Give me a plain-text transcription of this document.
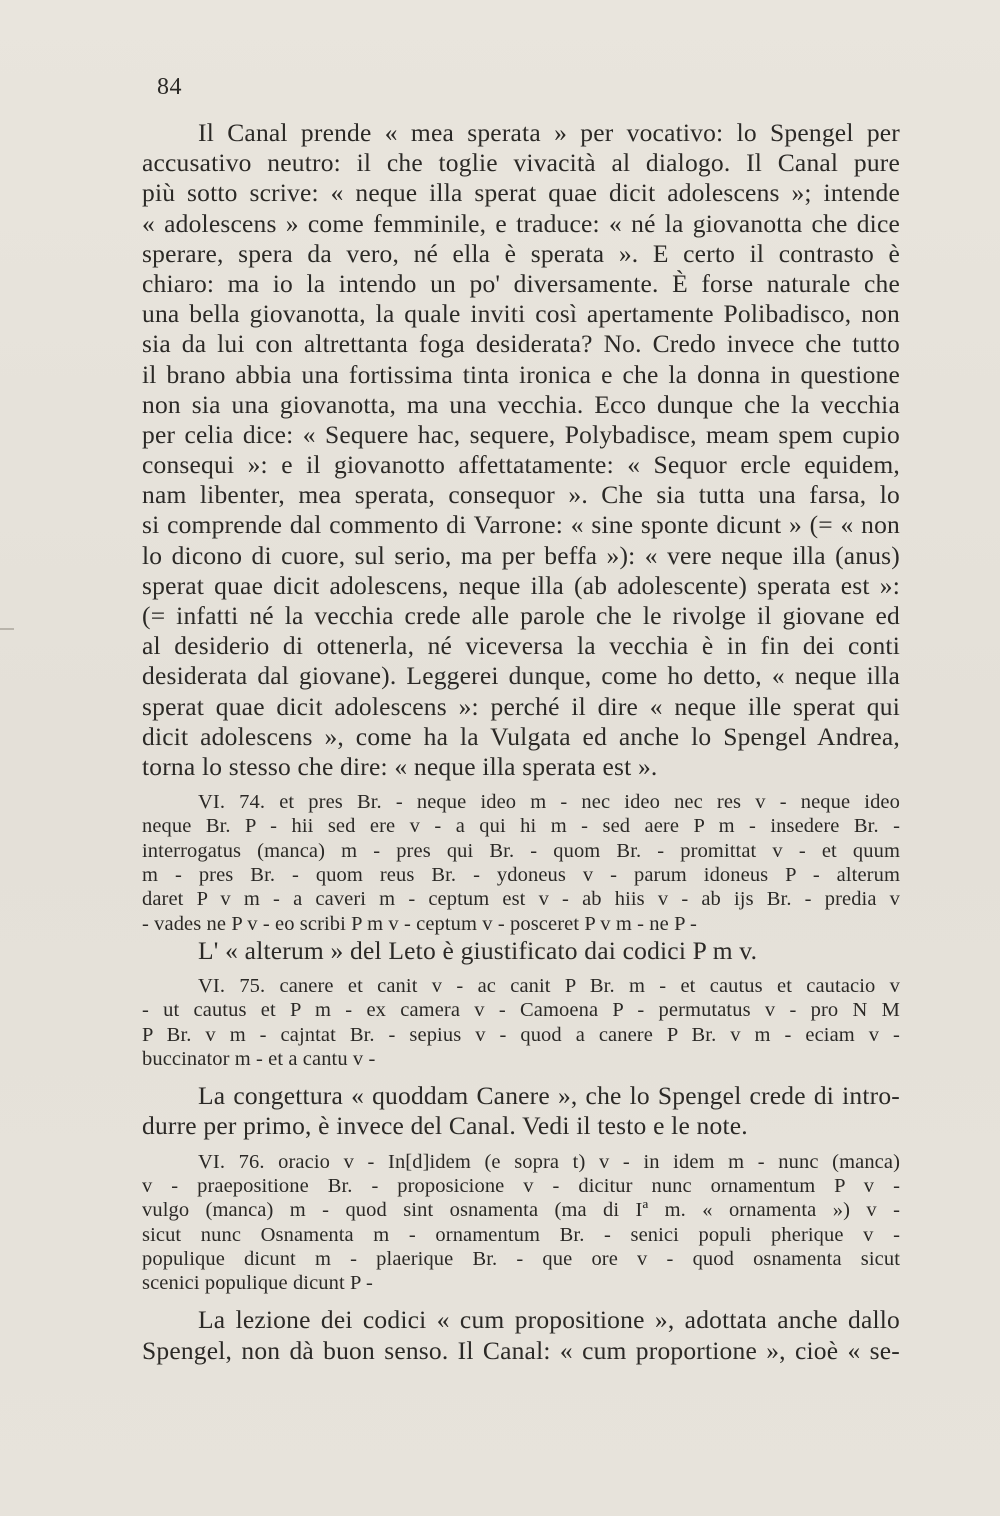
84
Il Canal prende « mea sperata » per vocativo: lo Spengel per
accusativo neutro: il che toglie vivacità al dialogo. Il Canal pure
più sotto scrive: « neque illa sperat quae dicit adolescens »; intende
« adolescens » come femminile, e traduce: « né la giovanotta che dice
sperare, spera da vero, né ella è sperata ». E certo il contrasto è
chiaro: ma io la intendo un po' diversamente. È forse naturale che
una bella giovanotta, la quale inviti così apertamente Polibadisco, non
sia da lui con altrettanta foga desiderata? No. Credo invece che tutto
il brano abbia una fortissima tinta ironica e che la donna in questione
non sia una giovanotta, ma una vecchia. Ecco dunque che la vecchia
per celia dice: « Sequere hac, sequere, Polybadisce, meam spem cupio
consequi »: e il giovanotto affettatamente: « Sequor ercle equidem,
nam libenter, mea sperata, consequor ». Che sia tutta una farsa, lo
si comprende dal commento di Varrone: « sine sponte dicunt » (= « non
lo dicono di cuore, sul serio, ma per beffa »): « vere neque illa (anus)
sperat quae dicit adolescens, neque illa (ab adolescente) sperata est »:
(= infatti né la vecchia crede alle parole che le rivolge il giovane ed
al desiderio di ottenerla, né viceversa la vecchia è in fin dei conti
desiderata dal giovane). Leggerei dunque, come ho detto, « neque illa
sperat quae dicit adolescens »: perché il dire « neque ille sperat qui
dicit adolescens », come ha la Vulgata ed anche lo Spengel Andrea,
torna lo stesso che dire: « neque illa sperata est ».
VI. 74. et pres Br. - neque ideo m - nec ideo nec res v - neque ideo
neque Br. P - hii sed ere v - a qui hi m - sed aere P m - insedere Br. -
interrogatus (manca) m - pres qui Br. - quom Br. - promittat v - et quum
m - pres Br. - quom reus Br. - ydoneus v - parum idoneus P - alterum
daret P v m - a caveri m - ceptum est v - ab hiis v - ab ijs Br. - predia v
- vades ne P v - eo scribi P m v - ceptum v - posceret P v m - ne P -
L' « alterum » del Leto è giustificato dai codici P m v.
VI. 75. canere et canit v - ac canit P Br. m - et cautus et cautacio v
- ut cautus et P m - ex camera v - Camoena P - permutatus v - pro N M
P Br. v m - cajntat Br. - sepius v - quod a canere P Br. v m - eciam v -
buccinator m - et a cantu v -
La congettura « quoddam Canere », che lo Spengel crede di intro-
durre per primo, è invece del Canal. Vedi il testo e le note.
VI. 76. oracio v - In[d]idem (e sopra t) v - in idem m - nunc (manca)
v - praepositione Br. - proposicione v - dicitur nunc ornamentum P v -
vulgo (manca) m - quod sint osnamenta (ma di Iª m. « ornamenta ») v -
sicut nunc Osnamenta m - ornamentum Br. - senici populi pherique v -
populique dicunt m - plaerique Br. - que ore v - quod osnamenta sicut
scenici populique dicunt P -
La lezione dei codici « cum propositione », adottata anche dallo
Spengel, non dà buon senso. Il Canal: « cum proportione », cioè « se-
